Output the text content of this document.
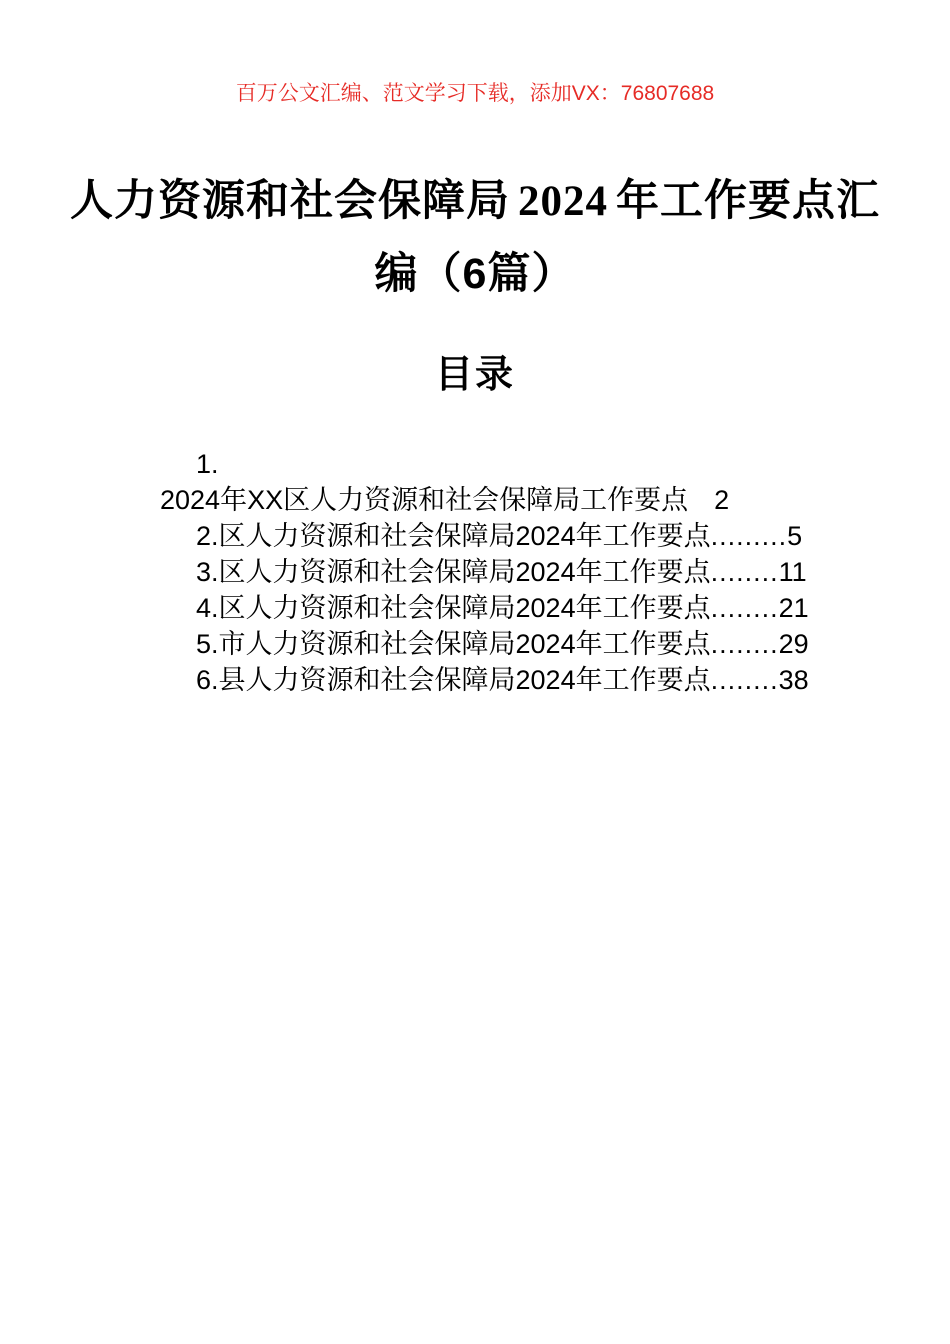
百万公文汇编、范文学习下载，添加VX：76807688
人力资源和社会保障局 2024 年工作要点汇
编（6篇）
目录
1.
2024年XX区人力资源和社会保障局工作要点 2
2.区人力资源和社会保障局2024年工作要点.........5
3.区人力资源和社会保障局2024年工作要点........11
4.区人力资源和社会保障局2024年工作要点........21
5.市人力资源和社会保障局2024年工作要点........29
6.县人力资源和社会保障局2024年工作要点........38
